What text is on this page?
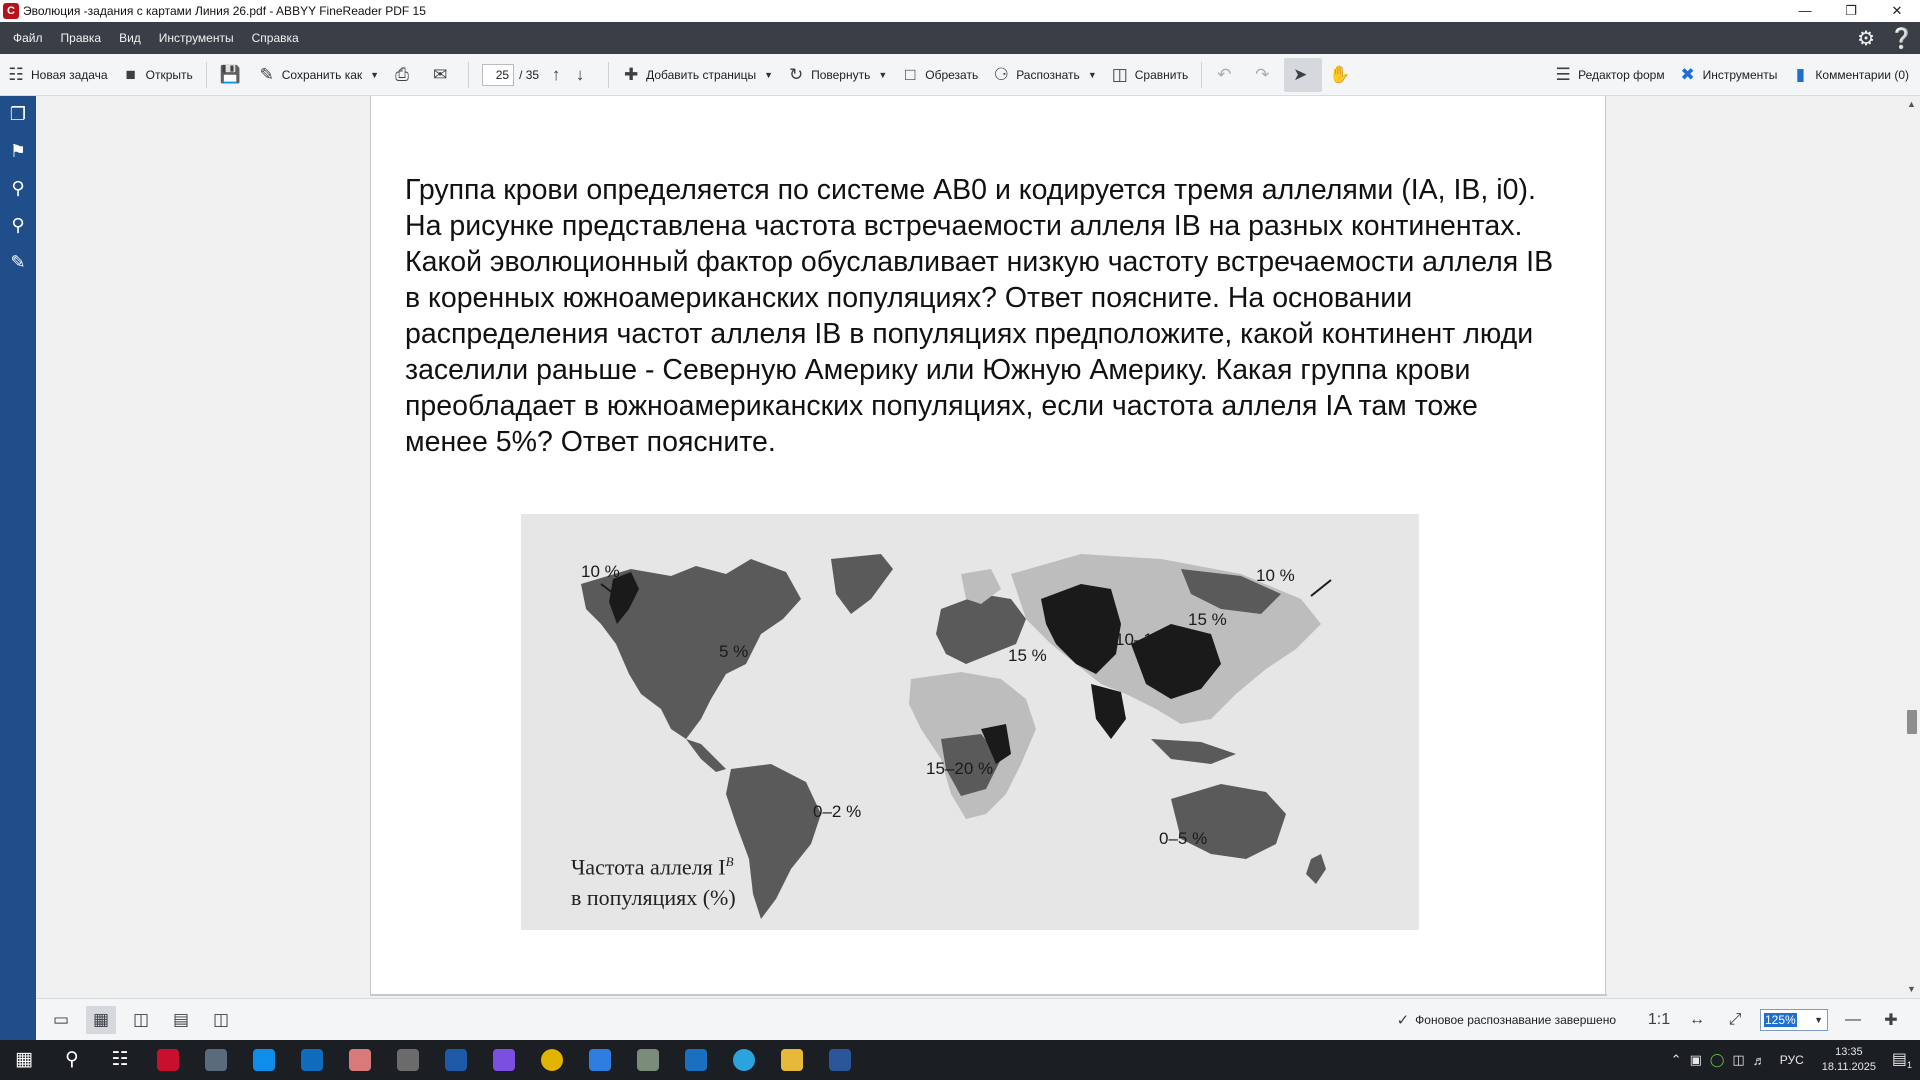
C Эволюция -задания с картами Линия 26.pdf - ABBYY FineReader PDF 15	—	❐	✕
Файл	Правка	Вид	Инструменты	Справка	⚙ ❔
☷ Новая задача ■ Открыть 💾 ✎ Сохранить как ▼ ⎙ ✉	25 / 35 ↑ ↓ ✚ Добавить страницы ▼ ↻ Повернуть ▼ □ Обрезать ⚆ Распознать ▼ ◫ Сравнить ↶ ↷ ➤ ✋	☰ Редактор форм ✖ Инструменты ▮ Комментарии (0)
❐
⚑
⚲
⚲
✎

Группа крови определяется по системе АВ0 и кодируется тремя аллелями (IA, IB, i0). На рисунке представлена частота встречаемости аллеля IB на разных континентах. Какой эволюционный фактор обуславливает низкую частоту встречаемости аллеля IB в коренных южноамериканских популяциях? Ответ поясните. На основании распределения частот аллеля IB в популяциях предположите, какой континент люди заселили раньше - Северную Америку или Южную Америку. Какая группа крови преобладает в южноамериканских популяциях, если частота аллеля IA там тоже менее 5%? Ответ поясните.

10 %
5 %
0–2 %
15 %
10–15 %
15 %
10 %
15–20 %
0–5 %
Частота аллеля $I^B$
в популяциях (%)
▲
▼
▭	▦	◫	▤	◫	✓ Фоновое распознавание завершено	1:1	↔	⤢	125% ▼	—	✚
▦	⚲	☷	⌃ ▣ ◯ ◫ ♬ РУС
13:35
18.11.2025 $▤_1$
